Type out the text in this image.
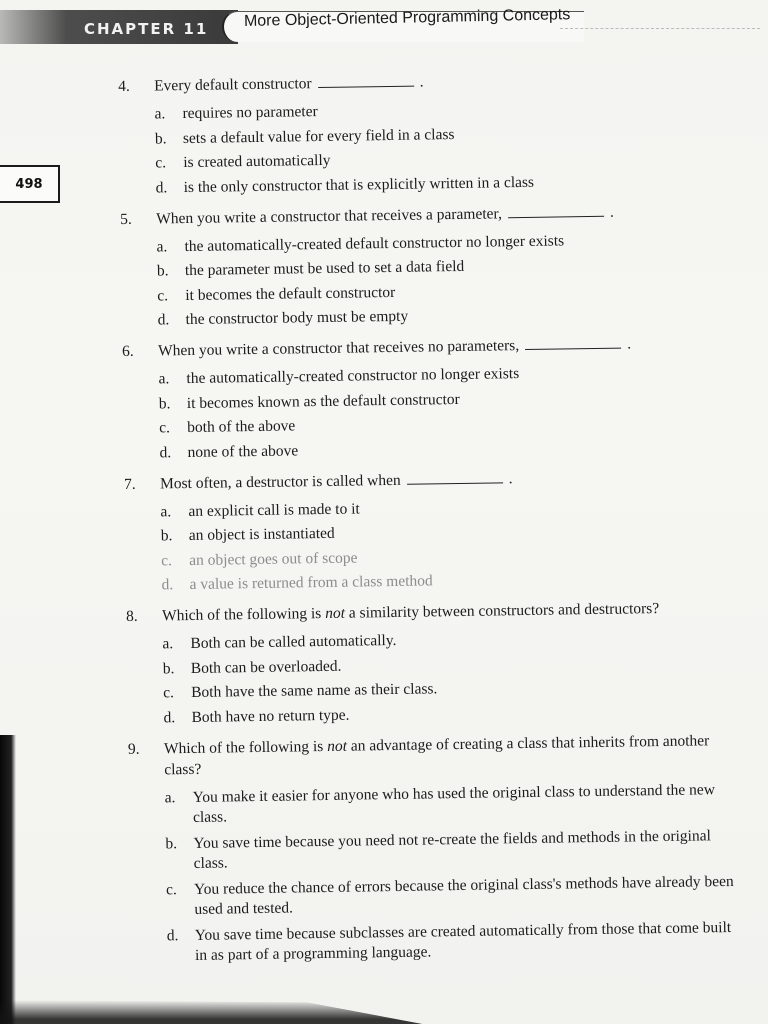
CHAPTER 11 More Object-Oriented Programming Concepts
498
4.	Every default constructor	.
a.	requires no parameter
b.	sets a default value for every field in a class
c.	is created automatically
d.	is the only constructor that is explicitly written in a class
5.	When you write a constructor that receives a parameter,	.
a.	the automatically-created default constructor no longer exists
b.	the parameter must be used to set a data field
c.	it becomes the default constructor
d.	the constructor body must be empty
6.	When you write a constructor that receives no parameters,	.
a.	the automatically-created constructor no longer exists
b.	it becomes known as the default constructor
c.	both of the above
d.	none of the above
7.	Most often, a destructor is called when	.
a.	an explicit call is made to it
b.	an object is instantiated
c.	an object goes out of scope
d.	a value is returned from a class method
8.	Which of the following is not a similarity between constructors and destructors?
a.	Both can be called automatically.
b.	Both can be overloaded.
c.	Both have the same name as their class.
d.	Both have no return type.
9.	Which of the following is not an advantage of creating a class that inherits from another class?
a.	You make it easier for anyone who has used the original class to understand the new class.
b.	You save time because you need not re-create the fields and methods in the original class.
c.	You reduce the chance of errors because the original class's methods have already been used and tested.
d.	You save time because subclasses are created automatically from those that come built in as part of a programming language.
